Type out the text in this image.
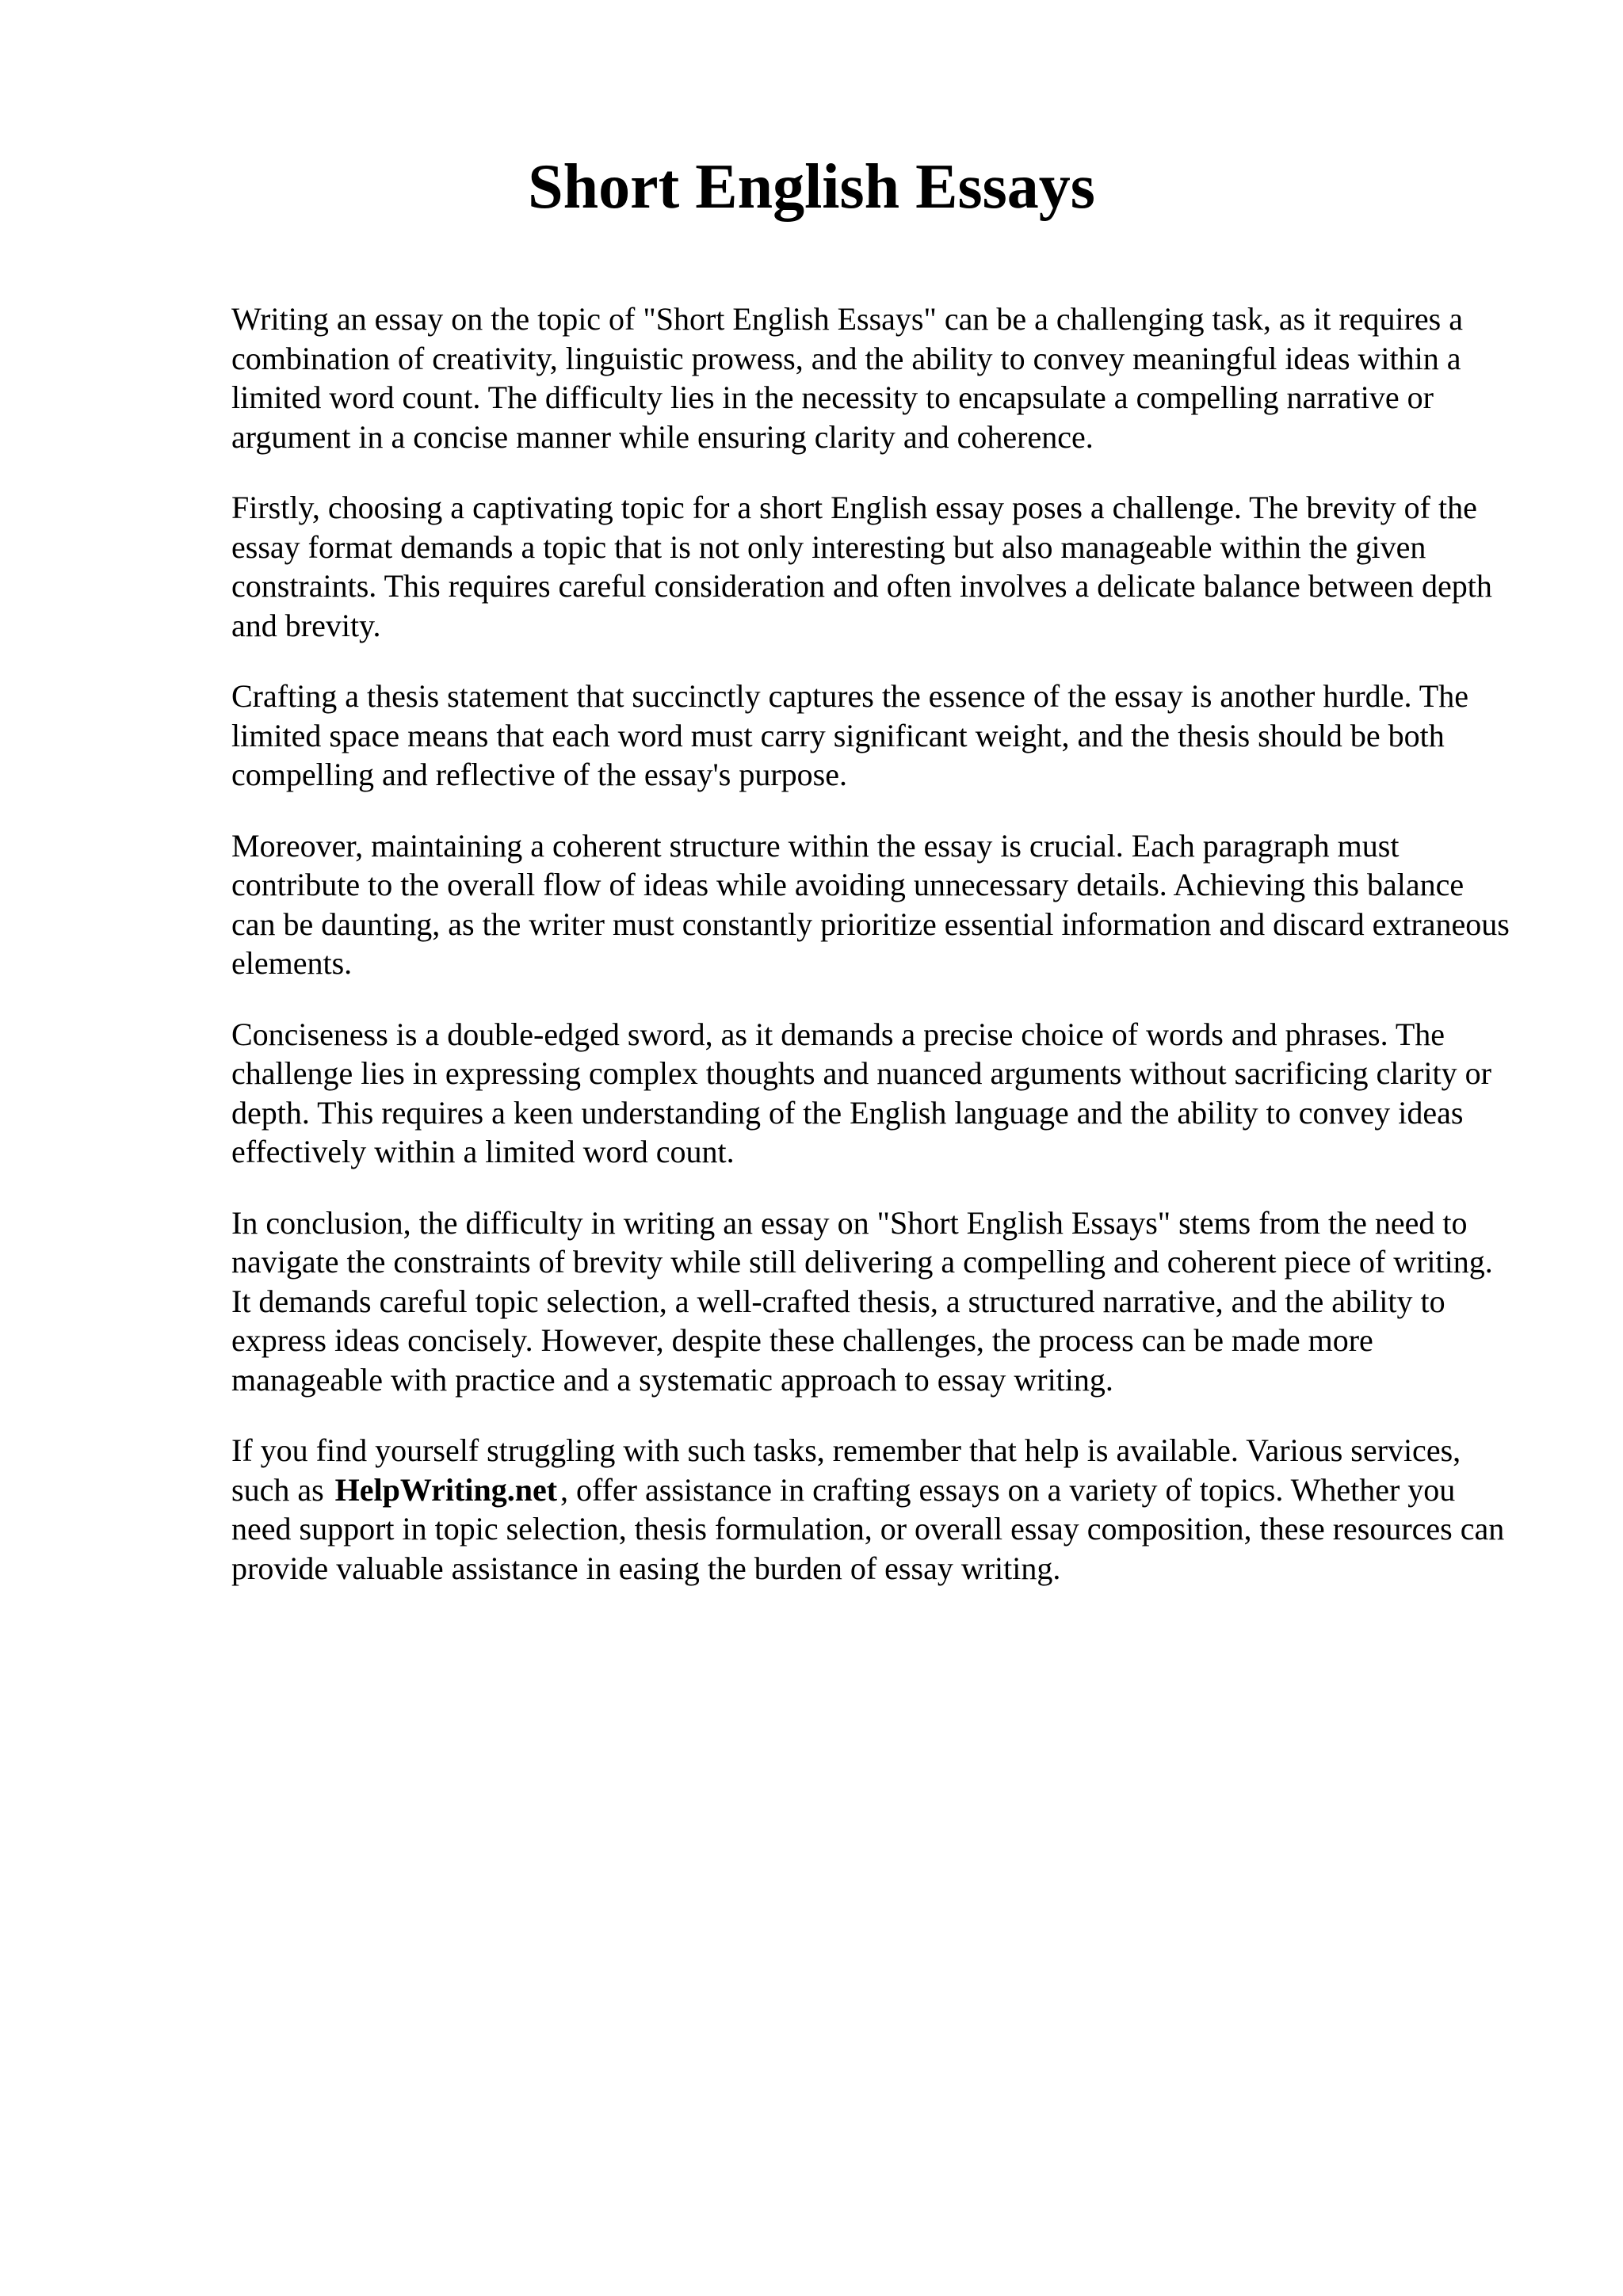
Short English Essays

Writing an essay on the topic of "Short English Essays" can be a challenging task, as it requires a combination of creativity, linguistic prowess, and the ability to convey meaningful ideas within a limited word count. The difficulty lies in the necessity to encapsulate a compelling narrative or argument in a concise manner while ensuring clarity and coherence.

Firstly, choosing a captivating topic for a short English essay poses a challenge. The brevity of the essay format demands a topic that is not only interesting but also manageable within the given constraints. This requires careful consideration and often involves a delicate balance between depth and brevity.

Crafting a thesis statement that succinctly captures the essence of the essay is another hurdle. The limited space means that each word must carry significant weight, and the thesis should be both compelling and reflective of the essay's purpose.

Moreover, maintaining a coherent structure within the essay is crucial. Each paragraph must contribute to the overall flow of ideas while avoiding unnecessary details. Achieving this balance can be daunting, as the writer must constantly prioritize essential information and discard extraneous elements.

Conciseness is a double-edged sword, as it demands a precise choice of words and phrases. The challenge lies in expressing complex thoughts and nuanced arguments without sacrificing clarity or depth. This requires a keen understanding of the English language and the ability to convey ideas effectively within a limited word count.

In conclusion, the difficulty in writing an essay on "Short English Essays" stems from the need to navigate the constraints of brevity while still delivering a compelling and coherent piece of writing. It demands careful topic selection, a well-crafted thesis, a structured narrative, and the ability to express ideas concisely. However, despite these challenges, the process can be made more manageable with practice and a systematic approach to essay writing.

If you find yourself struggling with such tasks, remember that help is available. Various services, such as HelpWriting.net , offer assistance in crafting essays on a variety of topics. Whether you need support in topic selection, thesis formulation, or overall essay composition, these resources can provide valuable assistance in easing the burden of essay writing.
